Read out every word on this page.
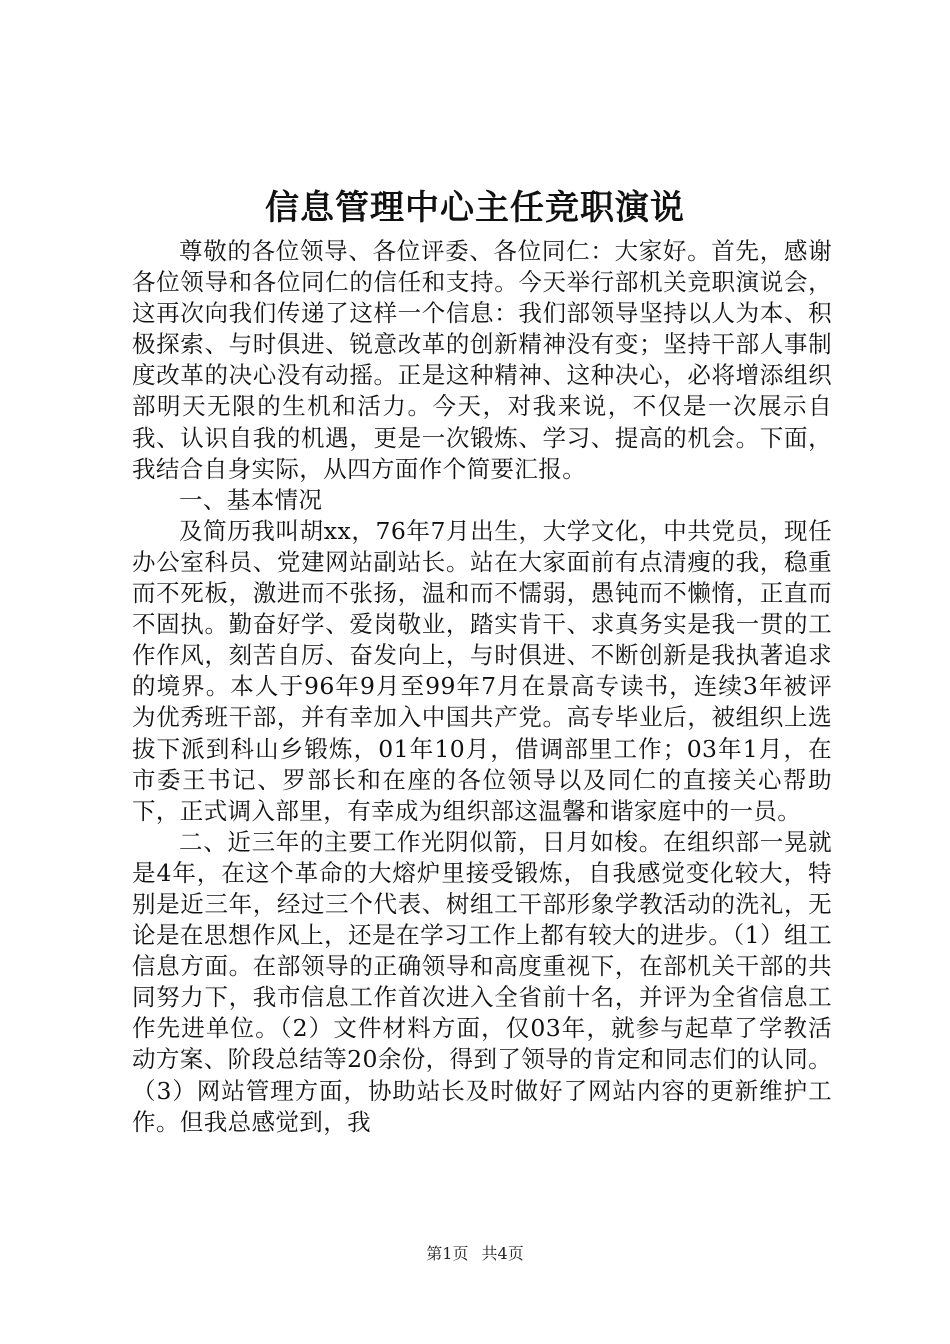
信息管理中心主任竞职演说

尊敬的各位领导、各位评委、各位同仁：大家好。首先，感谢各位领导和各位同仁的信任和支持。今天举行部机关竞职演说会，这再次向我们传递了这样一个信息：我们部领导坚持以人为本、积极探索、与时俱进、锐意改革的创新精神没有变；坚持干部人事制度改革的决心没有动摇。正是这种精神、这种决心，必将增添组织部明天无限的生机和活力。今天，对我来说，不仅是一次展示自我、认识自我的机遇，更是一次锻炼、学习、提高的机会。下面，我结合自身实际，从四方面作个简要汇报。

一、基本情况

及简历我叫胡xx，76年7月出生，大学文化，中共党员，现任办公室科员、党建网站副站长。站在大家面前有点清瘦的我，稳重而不死板，激进而不张扬，温和而不懦弱，愚钝而不懒惰，正直而不固执。勤奋好学、爱岗敬业，踏实肯干、求真务实是我一贯的工作作风，刻苦自厉、奋发向上，与时俱进、不断创新是我执著追求的境界。本人于96年9月至99年7月在景高专读书，连续3年被评为优秀班干部，并有幸加入中国共产党。高专毕业后，被组织上选拔下派到科山乡锻炼，01年10月，借调部里工作；03年1月，在市委王书记、罗部长和在座的各位领导以及同仁的直接关心帮助下，正式调入部里，有幸成为组织部这温馨和谐家庭中的一员。

二、近三年的主要工作光阴似箭，日月如梭。在组织部一晃就是4年，在这个革命的大熔炉里接受锻炼，自我感觉变化较大，特别是近三年，经过三个代表、树组工干部形象学教活动的洗礼，无论是在思想作风上，还是在学习工作上都有较大的进步。（1）组工信息方面。在部领导的正确领导和高度重视下，在部机关干部的共同努力下，我市信息工作首次进入全省前十名，并评为全省信息工作先进单位。（2）文件材料方面，仅03年，就参与起草了学教活动方案、阶段总结等20余份，得到了领导的肯定和同志们的认同。（3）网站管理方面，协助站长及时做好了网站内容的更新维护工作。但我总感觉到，我

第1页 共4页
